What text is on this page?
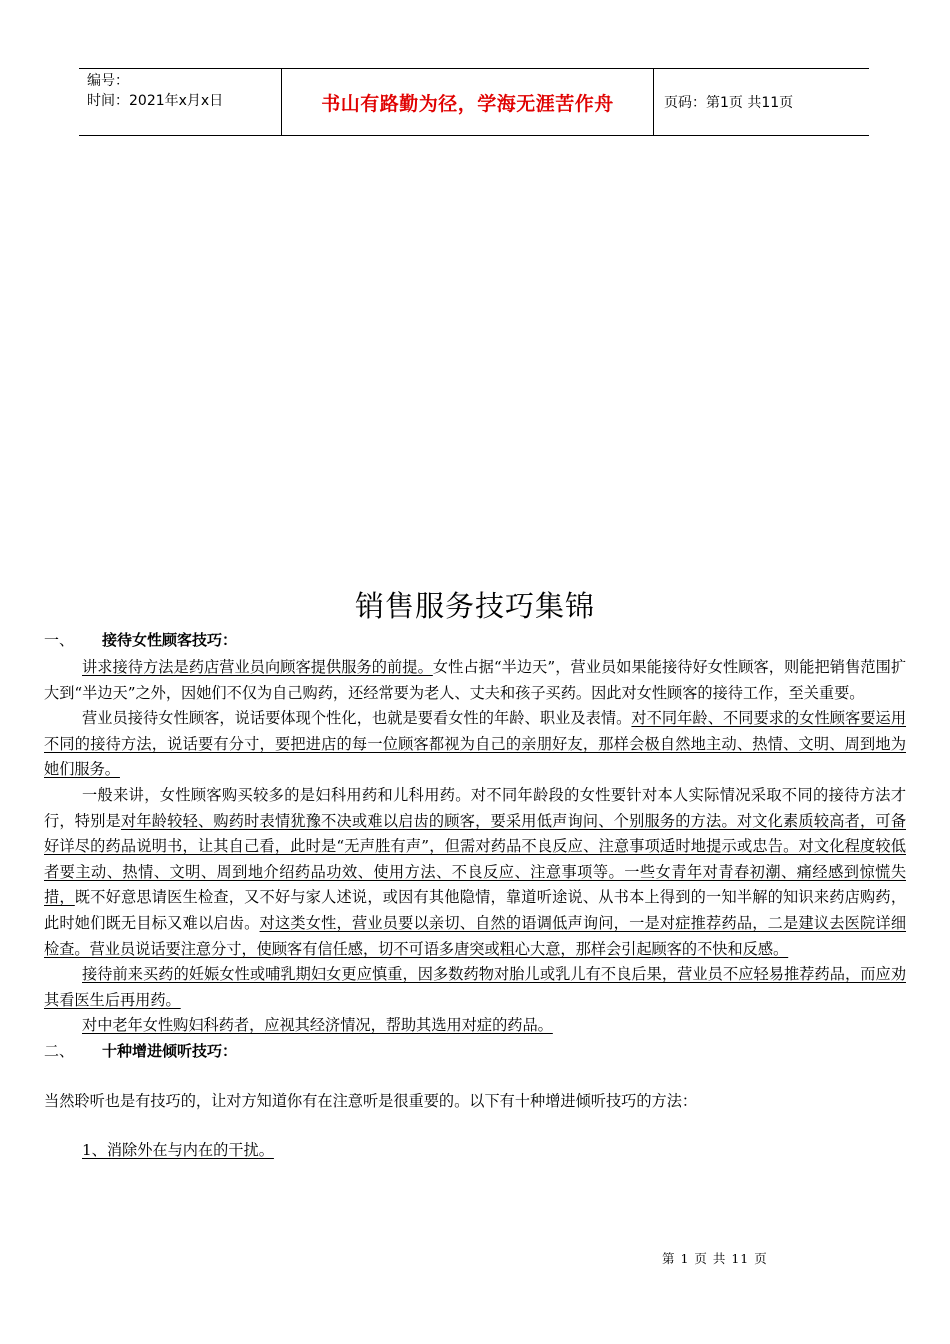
编号：
时间：2021年x月x日	书山有路勤为径，学海无涯苦作舟	页码：第1页 共11页
销售服务技巧集锦
一、 接待女性顾客技巧：

讲求接待方法是药店营业员向顾客提供服务的前提。女性占据“半边天”，营业员如果能接待好女性顾客，则能把销售范围扩大到“半边天”之外，因她们不仅为自己购药，还经常要为老人、丈夫和孩子买药。因此对女性顾客的接待工作，至关重要。

营业员接待女性顾客，说话要体现个性化，也就是要看女性的年龄、职业及表情。对不同年龄、不同要求的女性顾客要运用不同的接待方法，说话要有分寸，要把进店的每一位顾客都视为自己的亲朋好友，那样会极自然地主动、热情、文明、周到地为她们服务。

一般来讲，女性顾客购买较多的是妇科用药和儿科用药。对不同年龄段的女性要针对本人实际情况采取不同的接待方法才行，特别是对年龄较轻、购药时表情犹豫不决或难以启齿的顾客，要采用低声询问、个别服务的方法。对文化素质较高者，可备好详尽的药品说明书，让其自己看，此时是“无声胜有声”，但需对药品不良反应、注意事项适时地提示或忠告。对文化程度较低者要主动、热情、文明、周到地介绍药品功效、使用方法、不良反应、注意事项等。一些女青年对青春初潮、痛经感到惊慌失措，既不好意思请医生检查，又不好与家人述说，或因有其他隐情，靠道听途说、从书本上得到的一知半解的知识来药店购药，此时她们既无目标又难以启齿。对这类女性，营业员要以亲切、自然的语调低声询问，一是对症推荐药品，二是建议去医院详细检查。营业员说话要注意分寸，使顾客有信任感，切不可语多唐突或粗心大意，那样会引起顾客的不快和反感。

接待前来买药的妊娠女性或哺乳期妇女更应慎重，因多数药物对胎儿或乳儿有不良后果，营业员不应轻易推荐药品，而应劝其看医生后再用药。

对中老年女性购妇科药者，应视其经济情况，帮助其选用对症的药品。

二、 十种增进倾听技巧：

当然聆听也是有技巧的，让对方知道你有在注意听是很重要的。以下有十种增进倾听技巧的方法：

1、消除外在与内在的干扰。

第 1 页 共 11 页
